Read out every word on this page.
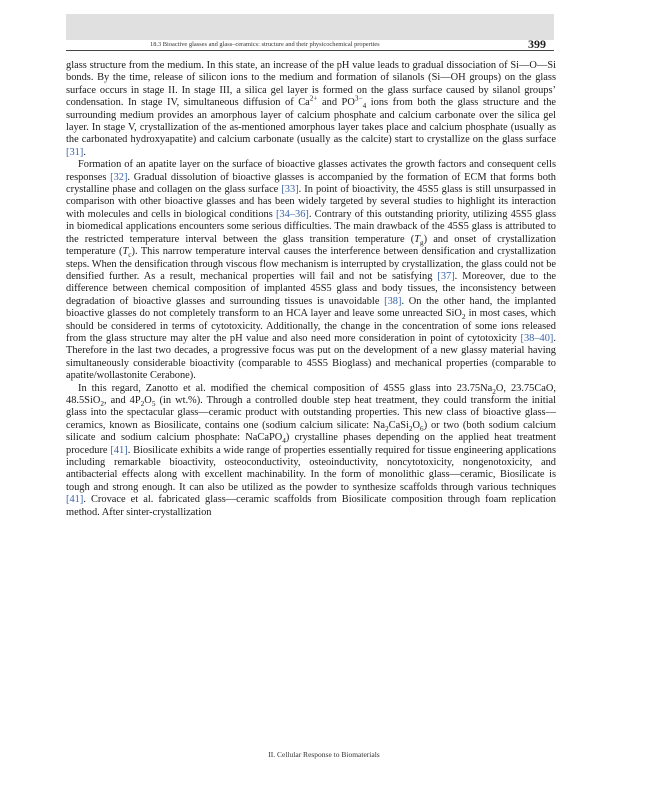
18.3 Bioactive glasses and glass–ceramics: structure and their physicochemical properties	399

glass structure from the medium. In this state, an increase of the pH value leads to gradual dissociation of Si—O—Si bonds. By the time, release of silicon ions to the medium and formation of silanols (Si—OH groups) on the glass surface occurs in stage II. In stage III, a silica gel layer is formed on the glass surface caused by silanol groups’ condensation. In stage IV, simultaneous diffusion of $Ca^{2+}$ and $PO^{3-}_4$ ions from both the glass structure and the surrounding medium provides an amorphous layer of calcium phosphate and calcium carbonate over the silica gel layer. In stage V, crystallization of the as-mentioned amorphous layer takes place and calcium phosphate (usually as the carbonated hydroxyapatite) and calcium carbonate (usually as the calcite) start to crystallize on the glass surface [31].

Formation of an apatite layer on the surface of bioactive glasses activates the growth factors and consequent cells responses [32]. Gradual dissolution of bioactive glasses is accompanied by the formation of ECM that forms both crystalline phase and collagen on the glass surface [33]. In point of bioactivity, the 45S5 glass is still unsurpassed in comparison with other bioactive glasses and has been widely targeted by several studies to highlight its interaction with molecules and cells in biological conditions [34–36]. Contrary of this outstanding priority, utilizing 45S5 glass in biomedical applications encounters some serious difficulties. The main drawback of the 45S5 glass is attributed to the restricted temperature interval between the glass transition temperature $(T_g)$ and onset of crystallization temperature $(T_c)$. This narrow temperature interval causes the interference between densification and crystallization steps. When the densification through viscous flow mechanism is interrupted by crystallization, the glass could not be densified further. As a result, mechanical properties will fail and not be satisfying [37]. Moreover, due to the difference between chemical composition of implanted 45S5 glass and body tissues, the inconsistency between degradation of bioactive glasses and surrounding tissues is unavoidable [38]. On the other hand, the implanted bioactive glasses do not completely transform to an HCA layer and leave some unreacted SiO$_2$ in most cases, which should be considered in terms of cytotoxicity. Additionally, the change in the concentration of some ions released from the glass structure may alter the pH value and also need more consideration in point of cytotoxicity [38–40]. Therefore in the last two decades, a progressive focus was put on the development of a new glassy material having simultaneously considerable bioactivity (comparable to 45S5 Bioglass) and mechanical properties (comparable to apatite/wollastonite Cerabone).

In this regard, Zanotto et al. modified the chemical composition of 45S5 glass into $23.75Na_2O$, 23.75CaO, 48.5SiO$_2$, and $4P_2O_5$ (in wt.%). Through a controlled double step heat treatment, they could transform the initial glass into the spectacular glass—ceramic product with outstanding properties. This new class of bioactive glass—ceramics, known as Biosilicate, contains one (sodium calcium silicate: $Na_2CaSi_2O_6$) or two (both sodium calcium silicate and sodium calcium phosphate: NaCaPO$_4$) crystalline phases depending on the applied heat treatment procedure [41]. Biosilicate exhibits a wide range of properties essentially required for tissue engineering applications including remarkable bioactivity, osteoconductivity, osteoinductivity, noncytotoxicity, nongenotoxicity, and antibacterial effects along with excellent machinability. In the form of monolithic glass—ceramic, Biosilicate is tough and strong enough. It can also be utilized as the powder to synthesize scaffolds through various techniques [41]. Crovace et al. fabricated glass—ceramic scaffolds from Biosilicate composition through foam replication method. After sinter-crystallization

II. Cellular Response to Biomaterials
